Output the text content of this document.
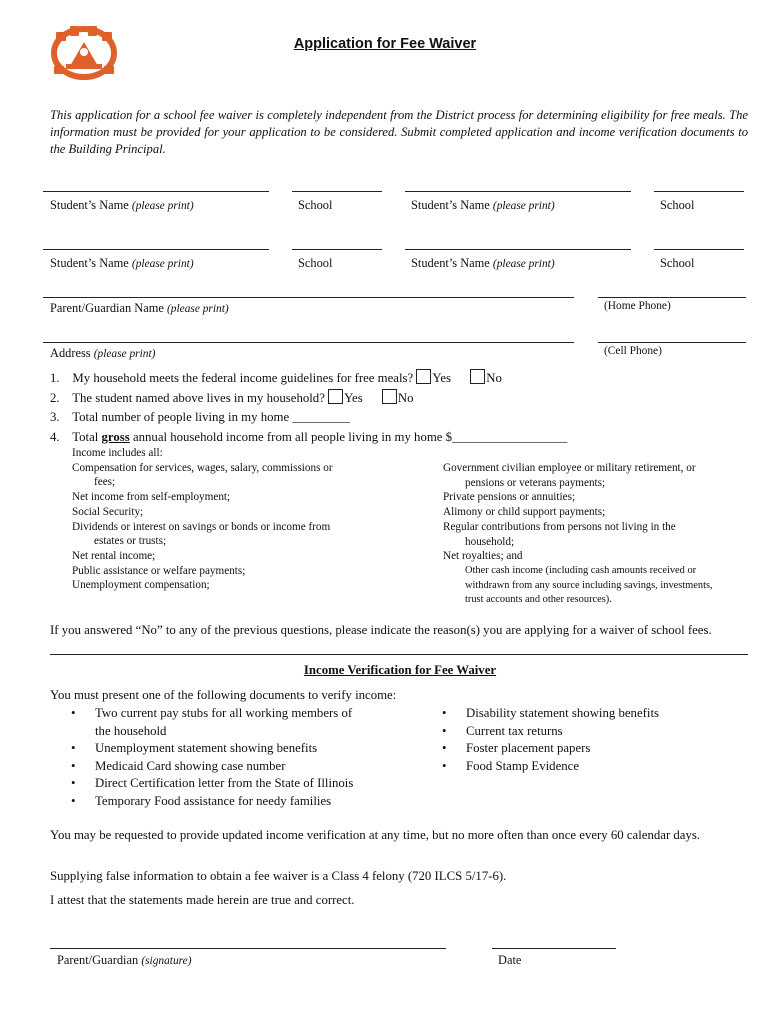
Application for Fee Waiver
This application for a school fee waiver is completely independent from the District process for determining eligibility for free meals. The information must be provided for your application to be considered. Submit completed application and income verification documents to the Building Principal.
Student’s Name (please print)	School	Student’s Name (please print)	School
Student’s Name (please print)	School	Student’s Name (please print)	School
Parent/Guardian Name (please print)	(Home Phone)
Address (please print)	(Cell Phone)
1. My household meets the federal income guidelines for free meals? Yes	No
2. The student named above lives in my household? Yes	No
3. Total number of people living in my home _________
4. Total gross annual household income from all people living in my home $__________________
Income includes all:
Compensation for services, wages, salary, commissions or
fees;
Net income from self-employment;
Social Security;
Dividends or interest on savings or bonds or income from
estates or trusts;
Net rental income;
Public assistance or welfare payments;
Unemployment compensation;
Government civilian employee or military retirement, or
pensions or veterans payments;
Private pensions or annuities;
Alimony or child support payments;
Regular contributions from persons not living in the
household;
Net royalties; and
Other cash income (including cash amounts received or
withdrawn from any source including savings, investments,
trust accounts and other resources).
If you answered “No” to any of the previous questions, please indicate the reason(s) you are applying for a waiver of school fees.
Income Verification for Fee Waiver
You must present one of the following documents to verify income:
• Two current pay stubs for all working members of
the household
• Unemployment statement showing benefits
• Medicaid Card showing case number
• Direct Certification letter from the State of Illinois
• Temporary Food assistance for needy families
• Disability statement showing benefits
• Current tax returns
• Foster placement papers
• Food Stamp Evidence
You may be requested to provide updated income verification at any time, but no more often than once every 60 calendar days.
Supplying false information to obtain a fee waiver is a Class 4 felony (720 ILCS 5/17-6).
I attest that the statements made herein are true and correct.
Parent/Guardian (signature)	Date
